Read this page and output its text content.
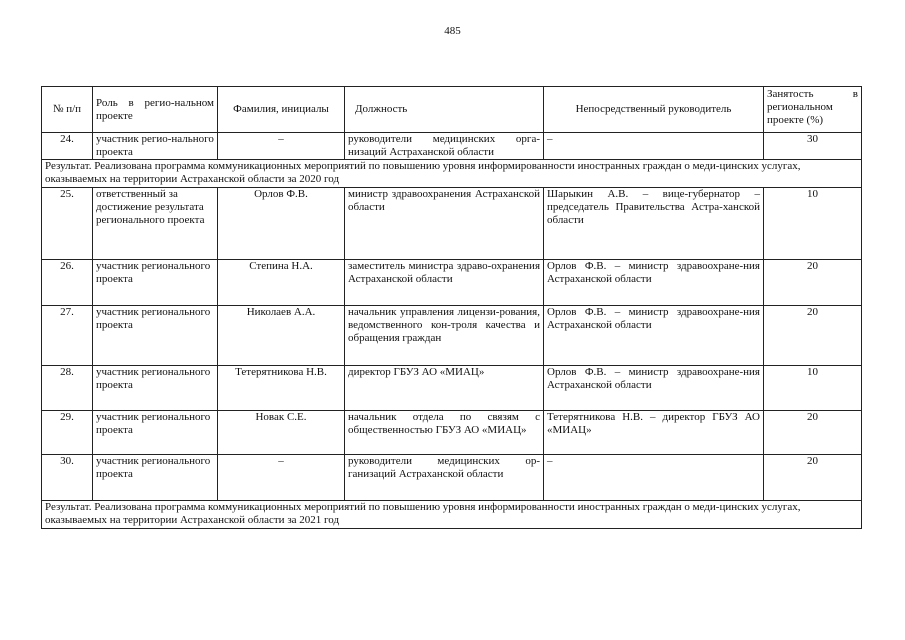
485
№ п/п	Роль в регио-нальном проекте	Фамилия, инициалы	Должность	Непосредственный руководитель	Занятость в региональном проекте (%)
24.	участник регио-нального проекта	–	руководители медицинских орга-низаций Астраханской области	–	30
Результат. Реализована программа коммуникационных мероприятий по повышению уровня информированности иностранных граждан о меди-цинских услугах, оказываемых на территории Астраханской области за 2020 год					
25.	ответственный за достижение результата регионального проекта	Орлов Ф.В.	министр здравоохранения Астраханской области	Шарыкин А.В. – вице-губернатор – председатель Правительства Астра-ханской области	10
26.	участник регионального проекта	Степина Н.А.	заместитель министра здраво-охранения Астраханской области	Орлов Ф.В. – министр здравоохране-ния Астраханской области	20
27.	участник регионального проекта	Николаев А.А.	начальник управления лицензи-рования, ведомственного кон-троля качества и обращения граждан	Орлов Ф.В. – министр здравоохране-ния Астраханской области	20
28.	участник регионального проекта	Тетерятникова Н.В.	директор ГБУЗ АО «МИАЦ»	Орлов Ф.В. – министр здравоохране-ния Астраханской области	10
29.	участник регионального проекта	Новак С.Е.	начальник отдела по связям с общественностью ГБУЗ АО «МИАЦ»	Тетерятникова Н.В. – директор ГБУЗ АО «МИАЦ»	20
30.	участник регионального проекта	–	руководители медицинских ор-ганизаций Астраханской области	–	20
Результат. Реализована программа коммуникационных мероприятий по повышению уровня информированности иностранных граждан о меди-цинских услугах, оказываемых на территории Астраханской области за 2021 год					
